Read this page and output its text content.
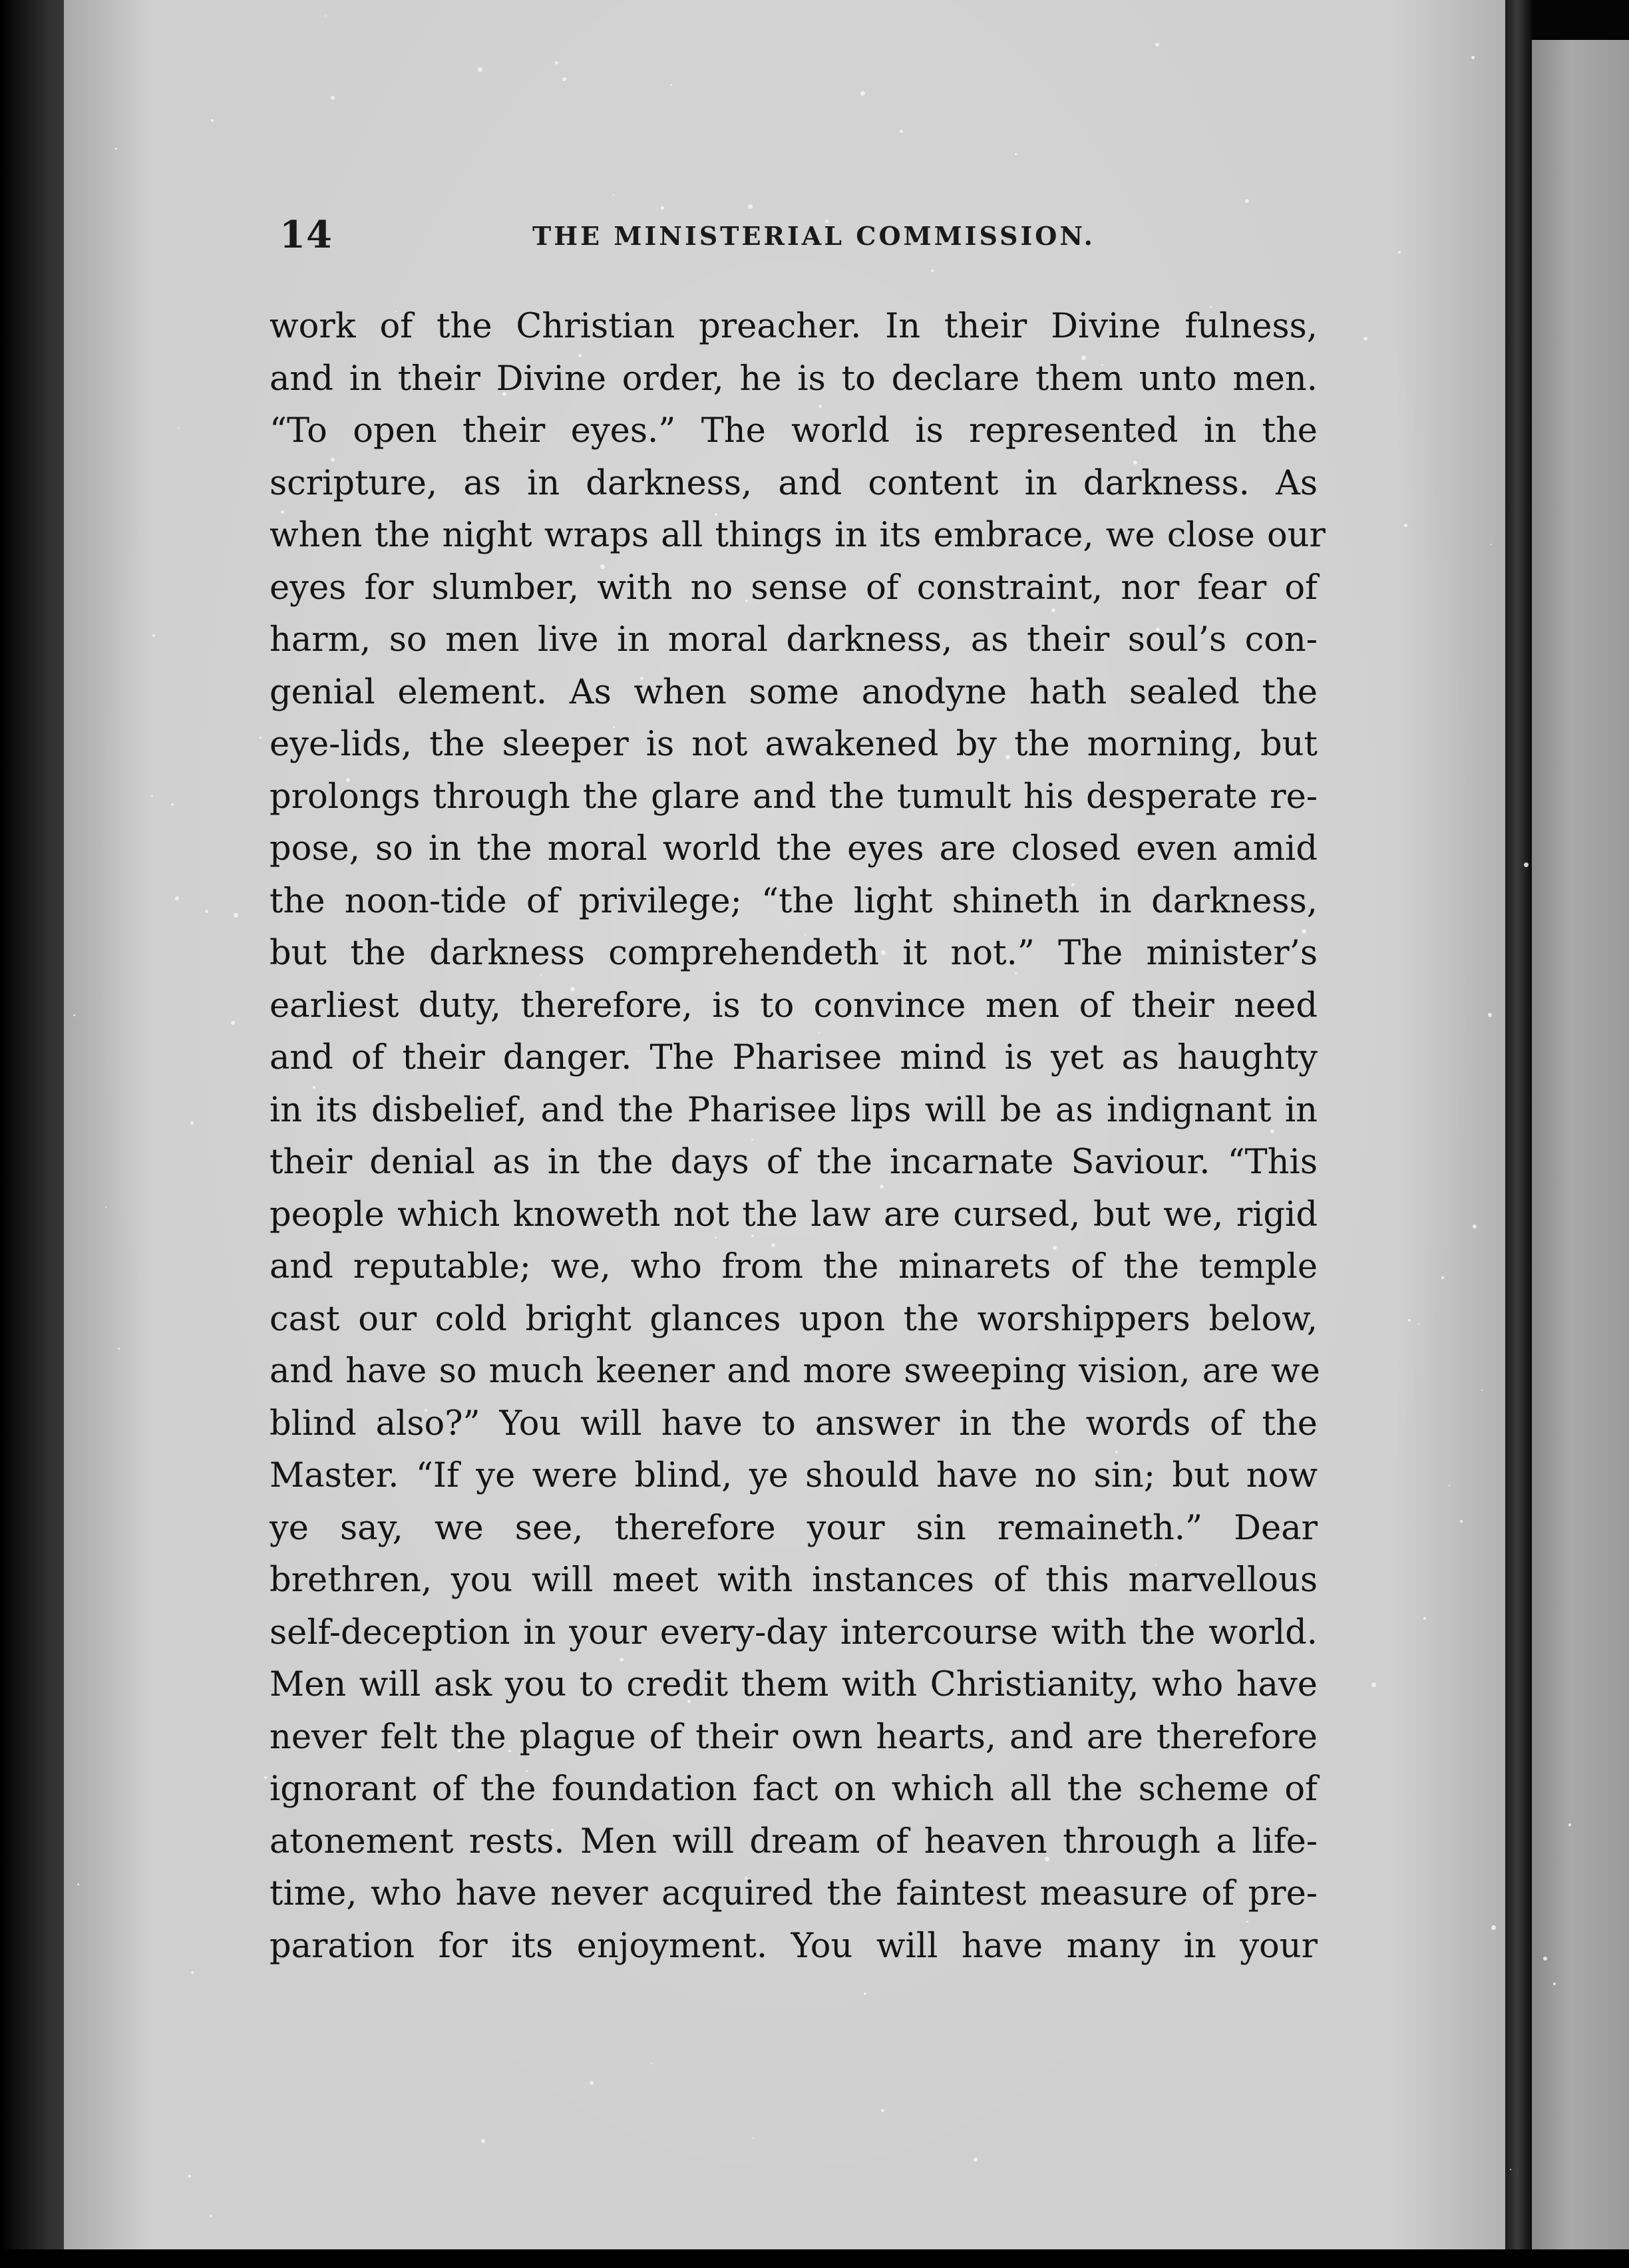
14	THE MINISTERIAL COMMISSION.
work of the Christian preacher. In their Divine fulness,
and in their Divine order, he is to declare them unto men.
“To open their eyes.” The world is represented in the
scripture, as in darkness, and content in darkness. As
when the night wraps all things in its embrace, we close our
eyes for slumber, with no sense of constraint, nor fear of
harm, so men live in moral darkness, as their soul’s con-
genial element. As when some anodyne hath sealed the
eye-lids, the sleeper is not awakened by the morning, but
prolongs through the glare and the tumult his desperate re-
pose, so in the moral world the eyes are closed even amid
the noon-tide of privilege; “the light shineth in darkness,
but the darkness comprehendeth it not.” The minister’s
earliest duty, therefore, is to convince men of their need
and of their danger. The Pharisee mind is yet as haughty
in its disbelief, and the Pharisee lips will be as indignant in
their denial as in the days of the incarnate Saviour. “This
people which knoweth not the law are cursed, but we, rigid
and reputable; we, who from the minarets of the temple
cast our cold bright glances upon the worshippers below,
and have so much keener and more sweeping vision, are we
blind also?” You will have to answer in the words of the
Master. “If ye were blind, ye should have no sin; but now
ye say, we see, therefore your sin remaineth.” Dear
brethren, you will meet with instances of this marvellous
self-deception in your every-day intercourse with the world.
Men will ask you to credit them with Christianity, who have
never felt the plague of their own hearts, and are therefore
ignorant of the foundation fact on which all the scheme of
atonement rests. Men will dream of heaven through a life-
time, who have never acquired the faintest measure of pre-
paration for its enjoyment. You will have many in your
